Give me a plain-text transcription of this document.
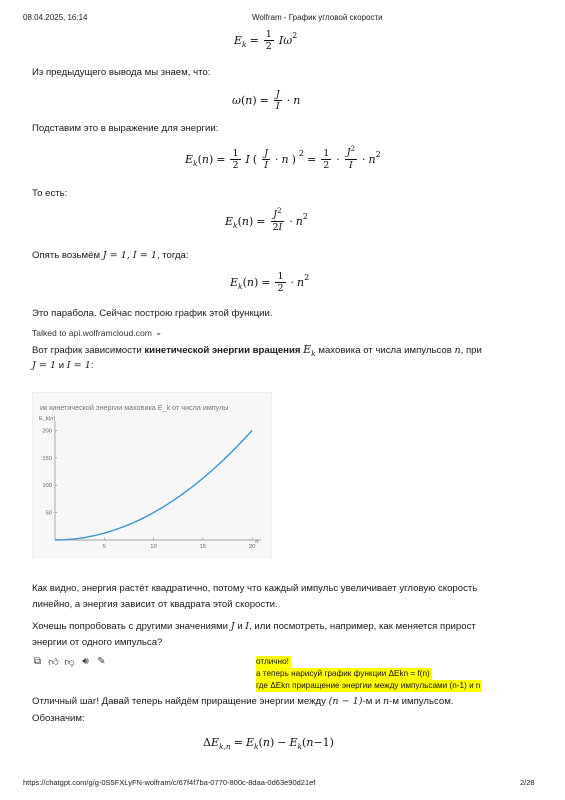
08.04.2025, 16:14	Wolfram - График угловой скорости
$E_k = \frac{1}{2} I\omega^2$
Из предыдущего вывода мы знаем, что:
$\omega(n) = \frac{J}{I} \cdot n$
Подставим это в выражение для энергии:
$E_k(n) = \frac{1}{2}$ I ( $\frac{J}{I} \cdot n$ ) $2 = \frac{1}{2} \cdot \frac{J^2}{I} \cdot n^2$
То есть:
$E_k(n) = \frac{J^2}{2I} \cdot n^2$
Опять возьмём J = 1, I = 1, тогда:
$E_k(n) = \frac{1}{2} \cdot n^2$
Это парабола. Сейчас построю график этой функции.
Talked to api.wolframcloud.com ⌄
Вот график зависимости кинетической энергии вращения $E_k$ маховика от числа импульсов n, при
J = 1 и I = 1:
ик кинетической энергии маховика E_k от числа импулы
E_k(n)
n
5	10	15	20
50
100
150
200
Как видно, энергия растёт квадратично, потому что каждый импульс увеличивает угловую скорость
линейно, а энергия зависит от квадрата этой скорости.
Хочешь попробовать с другими значениями J и I, или посмотреть, например, как меняется прирост
энергии от одного импульса?
⧉ 👍︎ 👎︎ 🔊︎ ✎	отлично!
а теперь нарисуй график функции ΔEkn = f(n)
где ΔEkn приращение энергии между импульсами (n-1) и n
Отличный шаг! Давай теперь найдём приращение энергии между (n − 1)-м и n-м импульсом.
Обозначим:
$\Delta E_{k,n} = E_k(n) - E_k(n-1)$
https://chatgpt.com/g/g-0S5FXLyFN-wolfram/c/67f4f7ba-0770-800c-8daa-0d63e90d21ef	2/28
